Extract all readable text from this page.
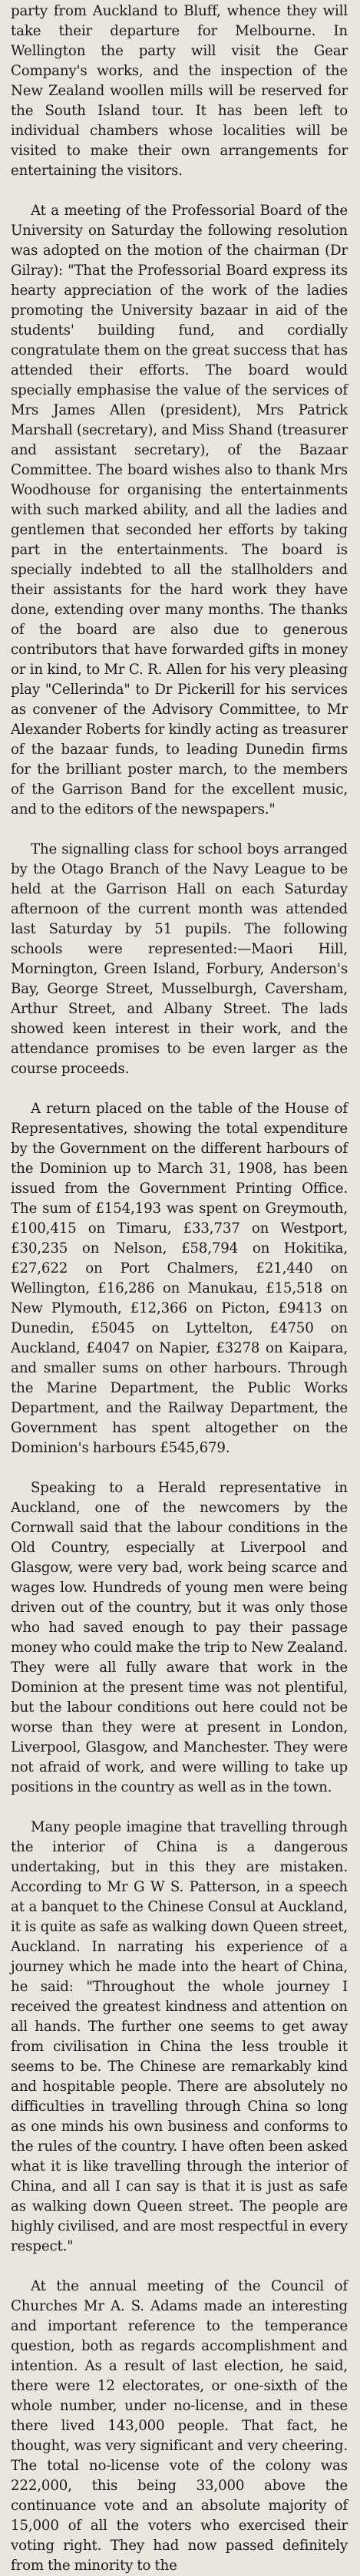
party from Auckland to Bluff, whence they will take their departure for Melbourne. In Wellington the party will visit the Gear Company's works, and the inspection of the New Zealand woollen mills will be reserved for the South Island tour. It has been left to individual chambers whose localities will be visited to make their own arrangements for entertaining the visitors.

At a meeting of the Professorial Board of the University on Saturday the following resolution was adopted on the motion of the chairman (Dr Gilray): "That the Professorial Board express its hearty appreciation of the work of the ladies promoting the University bazaar in aid of the students' building fund, and cordially congratulate them on the great success that has attended their efforts. The board would specially emphasise the value of the services of Mrs James Allen (president), Mrs Patrick Marshall (secretary), and Miss Shand (treasurer and assistant secretary), of the Bazaar Committee. The board wishes also to thank Mrs Woodhouse for organising the entertainments with such marked ability, and all the ladies and gentlemen that seconded her efforts by taking part in the entertainments. The board is specially indebted to all the stallholders and their assistants for the hard work they have done, extending over many months. The thanks of the board are also due to generous contributors that have forwarded gifts in money or in kind, to Mr C. R. Allen for his very pleasing play "Cellerinda" to Dr Pickerill for his services as convener of the Advisory Committee, to Mr Alexander Roberts for kindly acting as treasurer of the bazaar funds, to leading Dunedin firms for the brilliant poster march, to the members of the Garrison Band for the excellent music, and to the editors of the newspapers."

The signalling class for school boys arranged by the Otago Branch of the Navy League to be held at the Garrison Hall on each Saturday afternoon of the current month was attended last Saturday by 51 pupils. The following schools were represented:—Maori Hill, Mornington, Green Island, Forbury, Anderson's Bay, George Street, Musselburgh, Caversham, Arthur Street, and Albany Street. The lads showed keen interest in their work, and the attendance promises to be even larger as the course proceeds.

A return placed on the table of the House of Representatives, showing the total expenditure by the Government on the different harbours of the Dominion up to March 31, 1908, has been issued from the Government Printing Office. The sum of £154,193 was spent on Greymouth, £100,415 on Timaru, £33,737 on Westport, £30,235 on Nelson, £58,794 on Hokitika, £27,622 on Port Chalmers, £21,440 on Wellington, £16,286 on Manukau, £15,518 on New Plymouth, £12,366 on Picton, £9413 on Dunedin, £5045 on Lyttelton, £4750 on Auckland, £4047 on Napier, £3278 on Kaipara, and smaller sums on other harbours. Through the Marine Department, the Public Works Department, and the Railway Department, the Government has spent altogether on the Dominion's harbours £545,679.

Speaking to a Herald representative in Auckland, one of the newcomers by the Cornwall said that the labour conditions in the Old Country, especially at Liverpool and Glasgow, were very bad, work being scarce and wages low. Hundreds of young men were being driven out of the country, but it was only those who had saved enough to pay their passage money who could make the trip to New Zealand. They were all fully aware that work in the Dominion at the present time was not plentiful, but the labour conditions out here could not be worse than they were at present in London, Liverpool, Glasgow, and Manchester. They were not afraid of work, and were willing to take up positions in the country as well as in the town.

Many people imagine that travelling through the interior of China is a dangerous undertaking, but in this they are mistaken. According to Mr G W S. Patterson, in a speech at a banquet to the Chinese Consul at Auckland, it is quite as safe as walking down Queen street, Auckland. In narrating his experience of a journey which he made into the heart of China, he said: "Throughout the whole journey I received the greatest kindness and attention on all hands. The further one seems to get away from civilisation in China the less trouble it seems to be. The Chinese are remarkably kind and hospitable people. There are absolutely no difficulties in travelling through China so long as one minds his own business and conforms to the rules of the country. I have often been asked what it is like travelling through the interior of China, and all I can say is that it is just as safe as walking down Queen street. The people are highly civilised, and are most respectful in every respect."

At the annual meeting of the Council of Churches Mr A. S. Adams made an interesting and important reference to the temperance question, both as regards accomplishment and intention. As a result of last election, he said, there were 12 electorates, or one-sixth of the whole number, under no-license, and in these there lived 143,000 people. That fact, he thought, was very significant and very cheering. The total no-license vote of the colony was 222,000, this being 33,000 above the continuance vote and an absolute majority of 15,000 of all the voters who exercised their voting right. They had now passed definitely from the minority to the
